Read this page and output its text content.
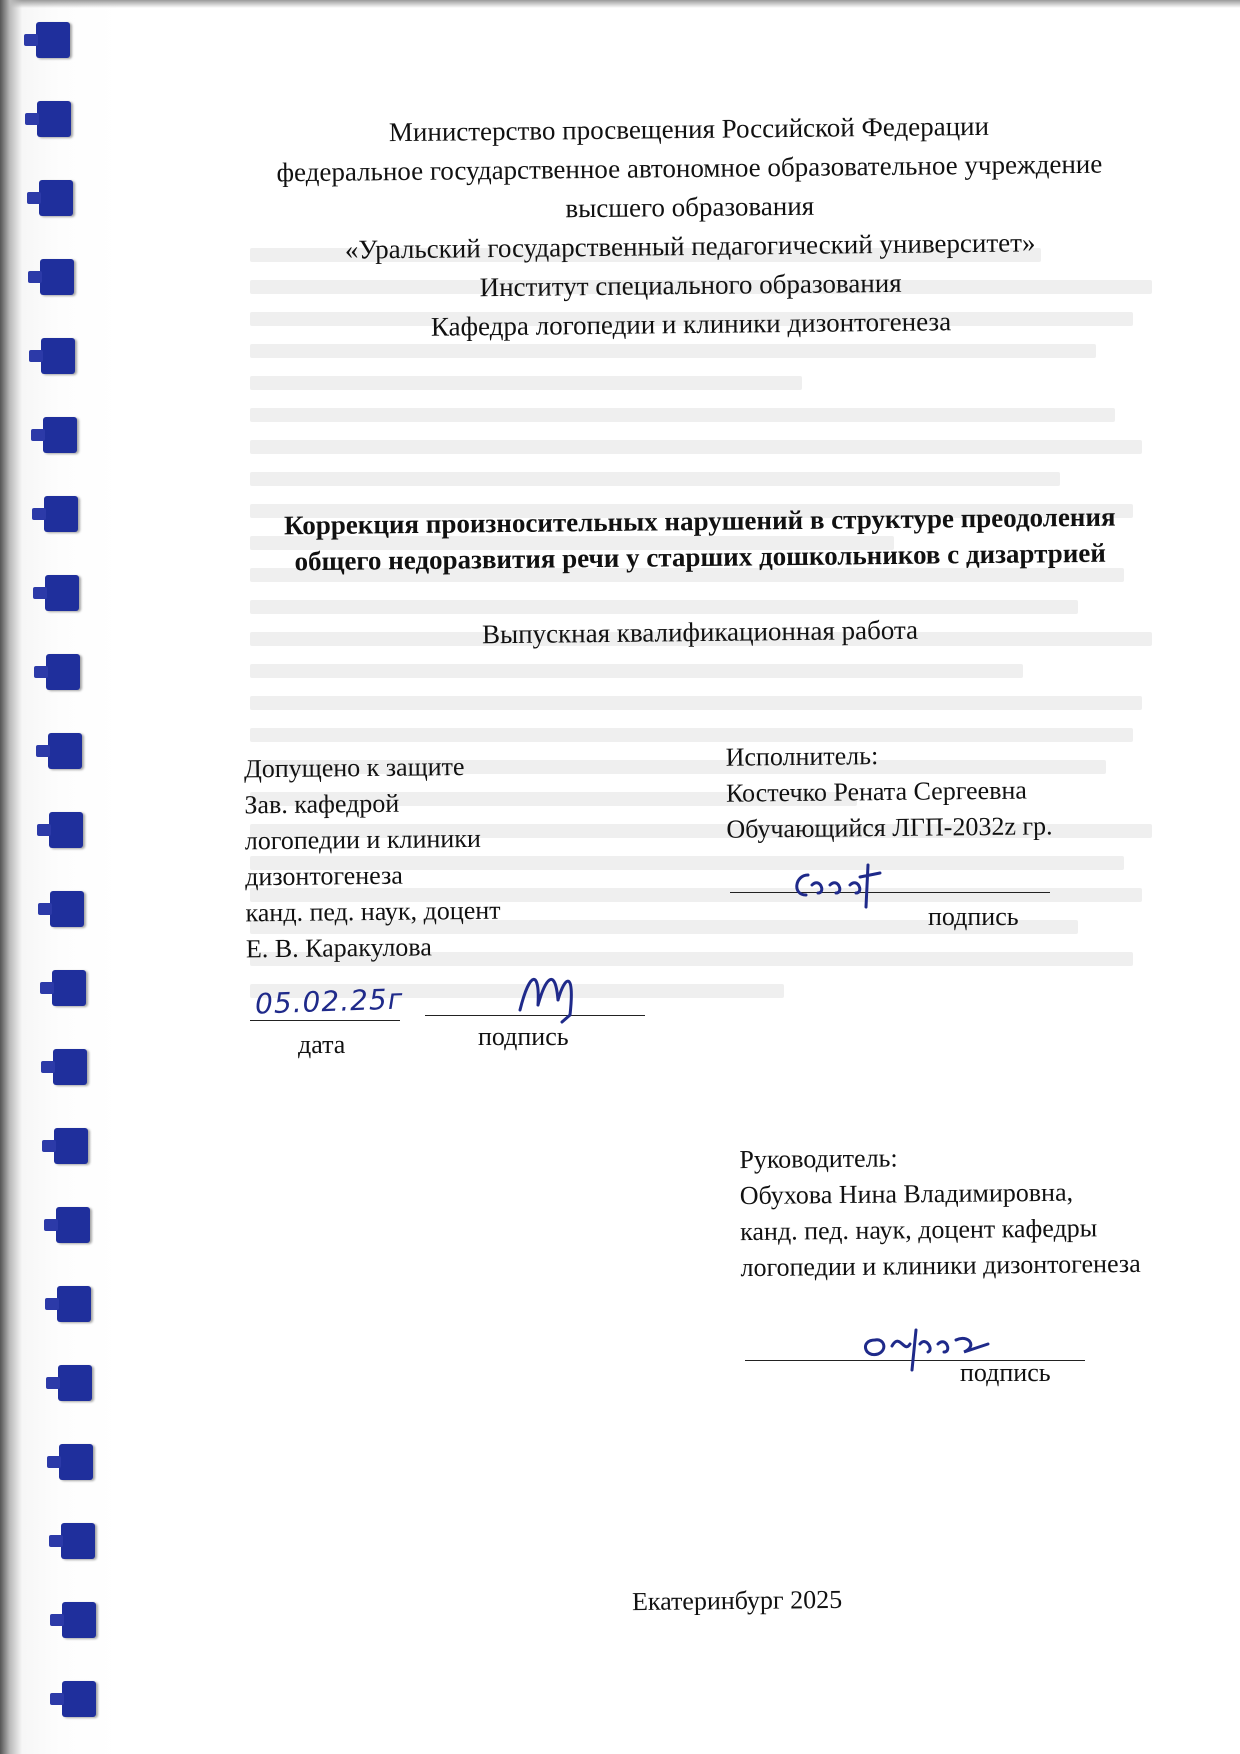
Министерство просвещения Российской Федерации
федеральное государственное автономное образовательное учреждение
высшего образования
«Уральский государственный педагогический университет»
Институт специального образования
Кафедра логопедии и клиники дизонтогенеза
Коррекция произносительных нарушений в структуре преодоления
общего недоразвития речи у старших дошкольников с дизартрией
Выпускная квалификационная работа
Допущено к защите
Зав. кафедрой
логопедии и клиники
дизонтогенеза
канд. пед. наук, доцент
Е. В. Каракулова
05.02.25г
дата	подпись
Исполнитель:
Костечко Рената Сергеевна
Обучающийся ЛГП-2032z гр.
подпись
Руководитель:
Обухова Нина Владимировна,
канд. пед. наук, доцент кафедры
логопедии и клиники дизонтогенеза
подпись
Екатеринбург 2025
